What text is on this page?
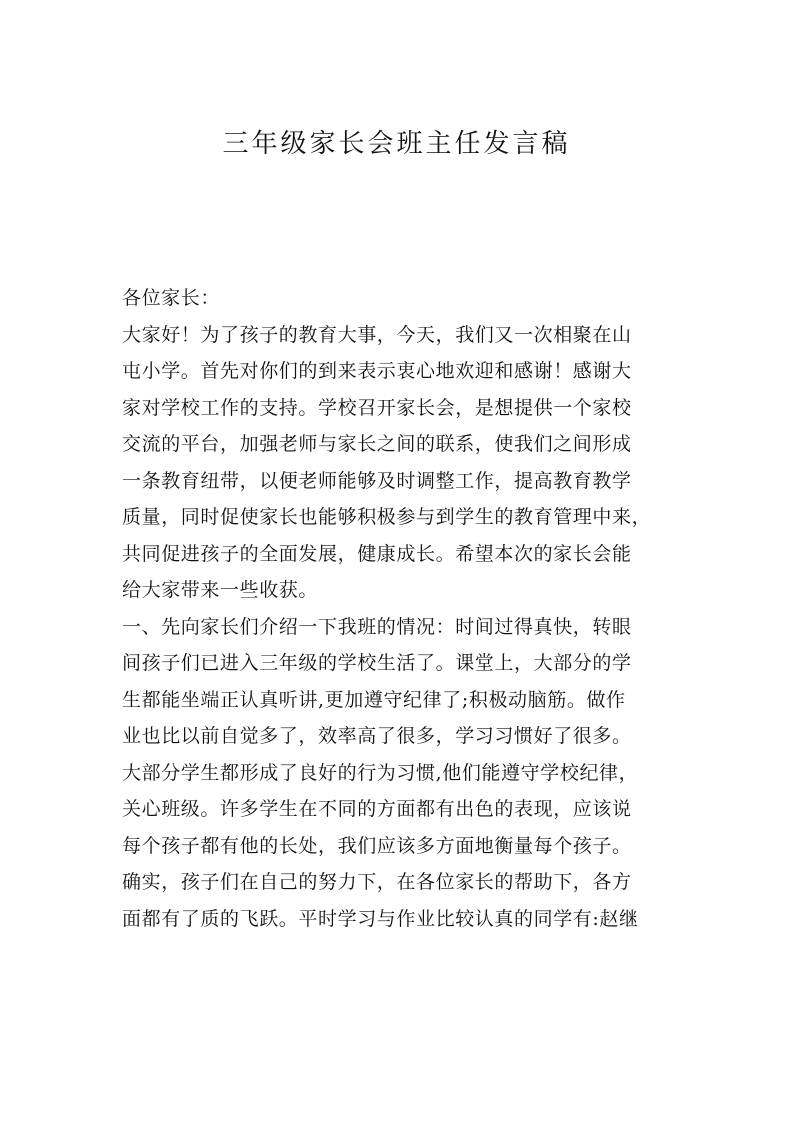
三年级家长会班主任发言稿
各位家长：
大家好！为了孩子的教育大事，今天，我们又一次相聚在山
屯小学。首先对你们的到来表示衷心地欢迎和感谢！感谢大
家对学校工作的支持。学校召开家长会，是想提供一个家校
交流的平台，加强老师与家长之间的联系，使我们之间形成
一条教育纽带，以便老师能够及时调整工作，提高教育教学
质量，同时促使家长也能够积极参与到学生的教育管理中来，
共同促进孩子的全面发展，健康成长。希望本次的家长会能
给大家带来一些收获。
一、先向家长们介绍一下我班的情况：时间过得真快，转眼
间孩子们已进入三年级的学校生活了。课堂上，大部分的学
生都能坐端正认真听讲,更加遵守纪律了;积极动脑筋。做作
业也比以前自觉多了，效率高了很多，学习习惯好了很多。
大部分学生都形成了良好的行为习惯,他们能遵守学校纪律，
关心班级。许多学生在不同的方面都有出色的表现，应该说
每个孩子都有他的长处，我们应该多方面地衡量每个孩子。
确实，孩子们在自己的努力下，在各位家长的帮助下，各方
面都有了质的飞跃。平时学习与作业比较认真的同学有:赵继
